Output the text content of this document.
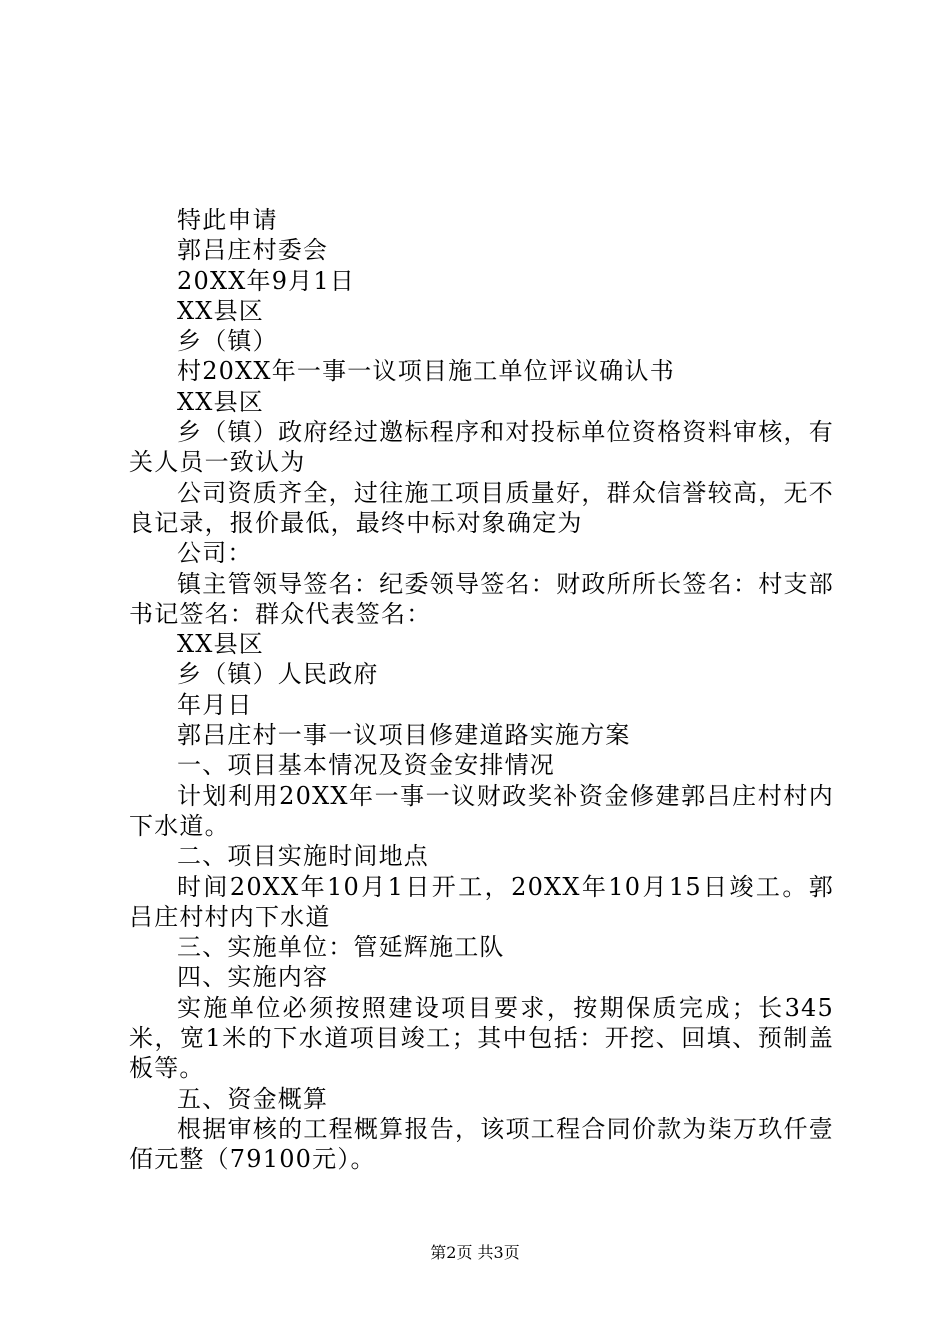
特此申请

郭吕庄村委会

20XX年9月1日

XX县区

乡（镇）

村20XX年一事一议项目施工单位评议确认书

XX县区

乡（镇）政府经过邀标程序和对投标单位资格资料审核，有关人员一致认为

公司资质齐全，过往施工项目质量好，群众信誉较高，无不良记录，报价最低，最终中标对象确定为

公司：

镇主管领导签名：纪委领导签名：财政所所长签名：村支部书记签名：群众代表签名：

XX县区

乡（镇）人民政府

年月日

郭吕庄村一事一议项目修建道路实施方案

一、项目基本情况及资金安排情况

计划利用20XX年一事一议财政奖补资金修建郭吕庄村村内下水道。

二、项目实施时间地点

时间20XX年10月1日开工，20XX年10月15日竣工。郭吕庄村村内下水道

三、实施单位：管延辉施工队

四、实施内容

实施单位必须按照建设项目要求，按期保质完成；长345米，宽1米的下水道项目竣工；其中包括：开挖、回填、预制盖板等。

五、资金概算

根据审核的工程概算报告，该项工程合同价款为柒万玖仟壹佰元整（79100元）。

第2页 共3页
